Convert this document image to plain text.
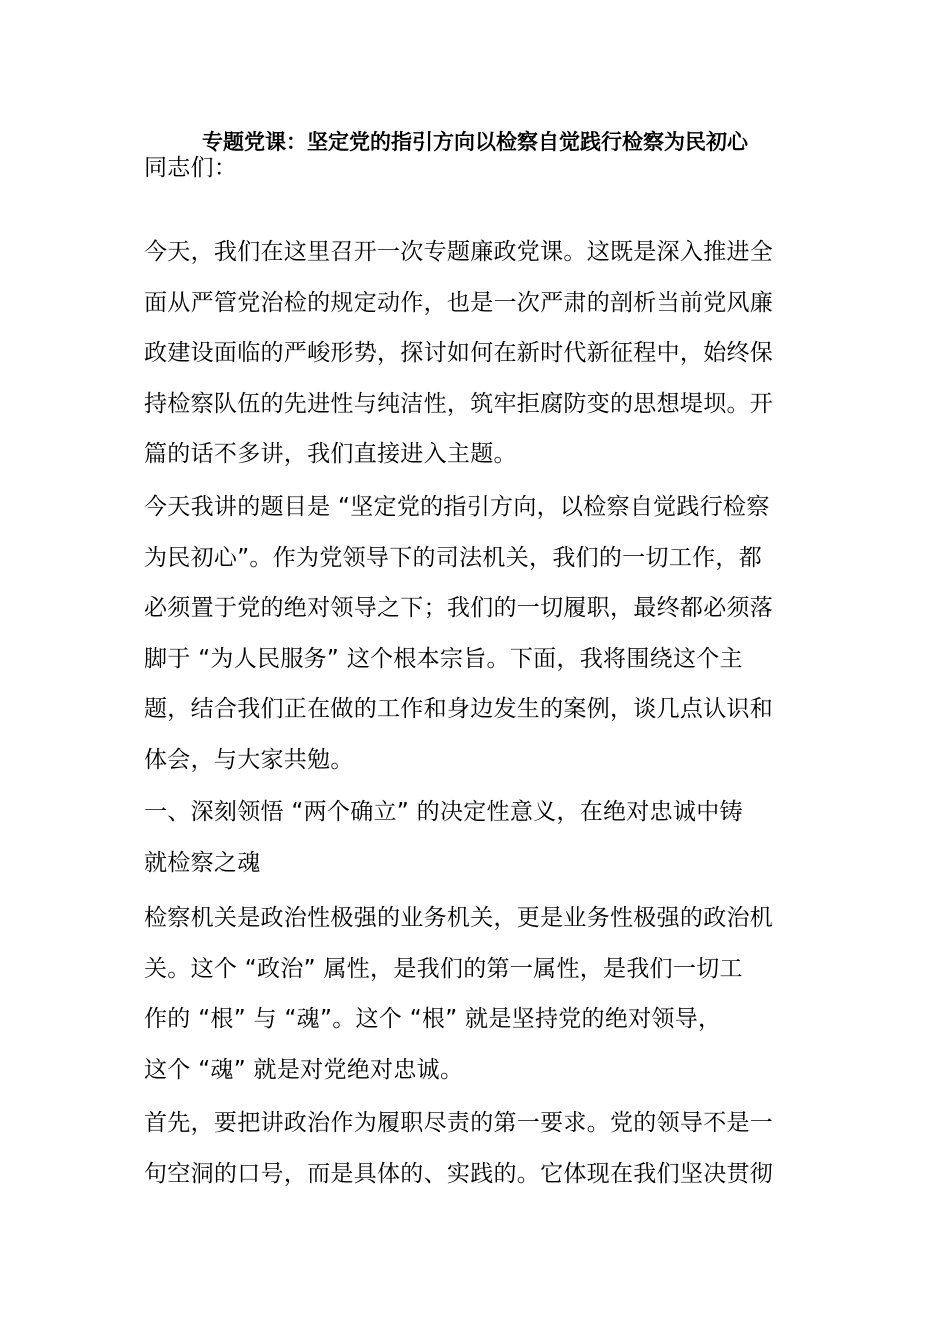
专题党课：坚定党的指引方向以检察自觉践行检察为民初心
同志们：
今天，我们在这里召开一次专题廉政党课。这既是深入推进全
面从严管党治检的规定动作，也是一次严肃的剖析当前党风廉
政建设面临的严峻形势，探讨如何在新时代新征程中，始终保
持检察队伍的先进性与纯洁性，筑牢拒腐防变的思想堤坝。开
篇的话不多讲，我们直接进入主题。
今天我讲的题目是 “坚定党的指引方向，以检察自觉践行检察
为民初心”。作为党领导下的司法机关，我们的一切工作，都
必须置于党的绝对领导之下；我们的一切履职，最终都必须落
脚于 “为人民服务” 这个根本宗旨。下面，我将围绕这个主
题，结合我们正在做的工作和身边发生的案例，谈几点认识和
体会，与大家共勉。
一、深刻领悟 “两个确立” 的决定性意义，在绝对忠诚中铸
就检察之魂
检察机关是政治性极强的业务机关，更是业务性极强的政治机
关。这个 “政治” 属性，是我们的第一属性，是我们一切工
作的 “根” 与 “魂”。这个 “根” 就是坚持党的绝对领导，
这个 “魂” 就是对党绝对忠诚。
首先，要把讲政治作为履职尽责的第一要求。党的领导不是一
句空洞的口号，而是具体的、实践的。它体现在我们坚决贯彻
